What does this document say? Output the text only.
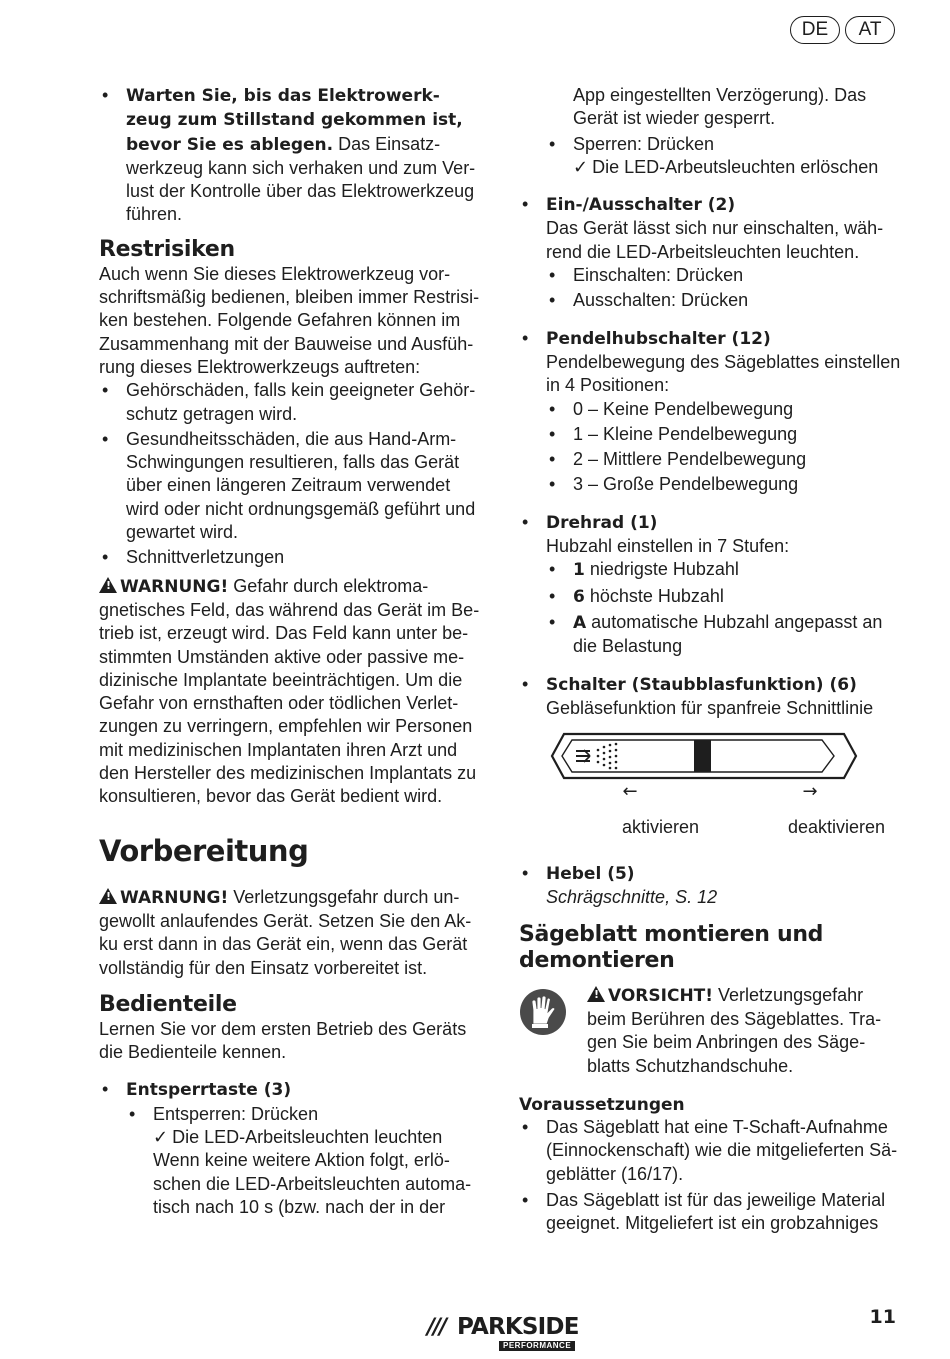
DE	AT
• Warten Sie, bis das Elektrowerk-zeug zum Stillstand gekommen ist, bevor Sie es ablegen. Das Einsatz-werkzeug kann sich verhaken und zum Ver-lust der Kontrolle über das Elektrowerkzeug führen.
Restrisiken

Auch wenn Sie dieses Elektrowerkzeug vor-schriftsmäßig bedienen, bleiben immer Restrisi-ken bestehen. Folgende Gefahren können im Zusammenhang mit der Bauweise und Ausfüh-rung dieses Elektrowerkzeugs auftreten:

• Gehörschäden, falls kein geeigneter Gehör-schutz getragen wird.
• Gesundheitsschäden, die aus Hand-Arm-Schwingungen resultieren, falls das Gerät über einen längeren Zeitraum verwendet wird oder nicht ordnungsgemäß geführt und gewartet wird.
• Schnittverletzungen

!WARNUNG! Gefahr durch elektroma-gnetisches Feld, das während das Gerät im Be-trieb ist, erzeugt wird. Das Feld kann unter be-stimmten Umständen aktive oder passive me-dizinische Implantate beeinträchtigen. Um die Gefahr von ernsthaften oder tödlichen Verlet-zungen zu verringern, empfehlen wir Personen mit medizinischen Implantaten ihren Arzt und den Hersteller des medizinischen Implantats zu konsultieren, bevor das Gerät bedient wird.

Vorbereitung

!WARNUNG! Verletzungsgefahr durch un-gewollt anlaufendes Gerät. Setzen Sie den Ak-ku erst dann in das Gerät ein, wenn das Gerät vollständig für den Einsatz vorbereitet ist.

Bedienteile

Lernen Sie vor dem ersten Betrieb des Geräts die Bedienteile kennen.

• Entsperrtaste (3)
• Entsperren: Drücken
✓ Die LED-Arbeitsleuchten leuchten
Wenn keine weitere Aktion folgt, erlö-schen die LED-Arbeitsleuchten automa-tisch nach 10 s (bzw. nach der in der
App eingestellten Verzögerung). Das Gerät ist wieder gesperrt.
• Sperren: Drücken
✓ Die LED-Arbeutsleuchten erlöschen
• Ein-/Ausschalter (2)
Das Gerät lässt sich nur einschalten, wäh-rend die LED-Arbeitsleuchten leuchten.
• Einschalten: Drücken
• Ausschalten: Drücken
• Pendelhubschalter (12)
Pendelbewegung des Sägeblattes einstellen in 4 Positionen:
• 0 – Keine Pendelbewegung
• 1 – Kleine Pendelbewegung
• 2 – Mittlere Pendelbewegung
• 3 – Große Pendelbewegung
• Drehrad (1)
Hubzahl einstellen in 7 Stufen:
• 1 niedrigste Hubzahl
• 6 höchste Hubzahl
• A automatische Hubzahl angepasst an die Belastung
• Schalter (Staubblasfunktion) (6)
Gebläsefunktion für spanfreie Schnittlinie
←	→
aktivieren	deaktivieren
• Hebel (5)
Schrägschnitte, S. 12
Sägeblatt montieren und demontieren

!VORSICHT! Verletzungsgefahr beim Berühren des Sägeblattes. Tra-gen Sie beim Anbringen des Säge-blatts Schutzhandschuhe.

Voraussetzungen
• Das Sägeblatt hat eine T-Schaft-Aufnahme (Einnockenschaft) wie die mitgelieferten Sä-geblätter (16/17).
• Das Sägeblatt ist für das jeweilige Material geeignet. Mitgeliefert ist ein grobzahniges
/// PARKSIDE
PERFORMANCE
11
